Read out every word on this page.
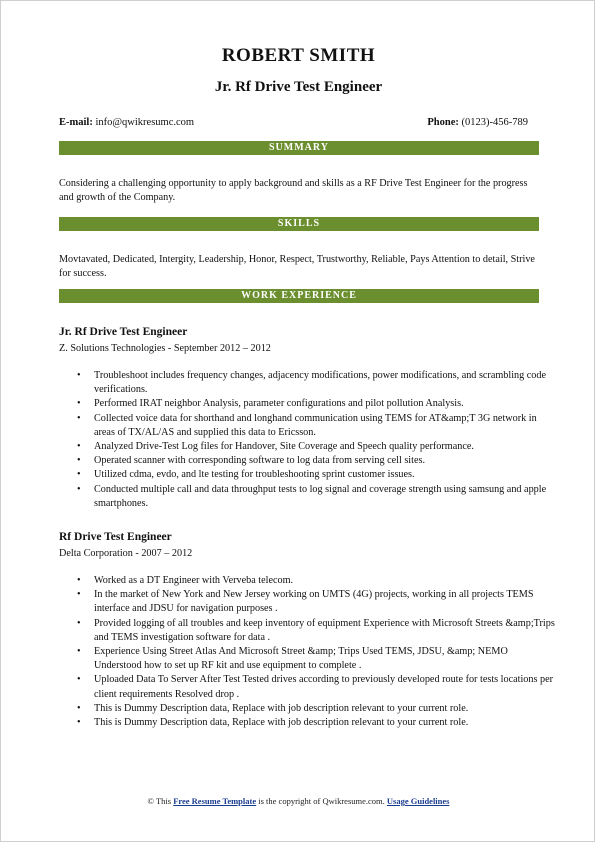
ROBERT SMITH
Jr. Rf Drive Test Engineer
E-mail: info@qwikresumc.com	Phone: (0123)-456-789
SUMMARY
Considering a challenging opportunity to apply background and skills as a RF Drive Test Engineer for the progress and growth of the Company.
SKILLS
Movtavated, Dedicated, Intergity, Leadership, Honor, Respect, Trustworthy, Reliable, Pays Attention to detail, Strive for success.
WORK EXPERIENCE
Jr. Rf Drive Test Engineer
Z. Solutions Technologies - September 2012 – 2012
• Troubleshoot includes frequency changes, adjacency modifications, power modifications, and scrambling code verifications.
• Performed IRAT neighbor Analysis, parameter configurations and pilot pollution Analysis.
• Collected voice data for shorthand and longhand communication using TEMS for AT&amp;T 3G network in areas of TX/AL/AS and supplied this data to Ericsson.
• Analyzed Drive-Test Log files for Handover, Site Coverage and Speech quality performance.
• Operated scanner with corresponding software to log data from serving cell sites.
• Utilized cdma, evdo, and lte testing for troubleshooting sprint customer issues.
• Conducted multiple call and data throughput tests to log signal and coverage strength using samsung and apple smartphones.
Rf Drive Test Engineer
Delta Corporation - 2007 – 2012
• Worked as a DT Engineer with Verveba telecom.
• In the market of New York and New Jersey working on UMTS (4G) projects, working in all projects TEMS interface and JDSU for navigation purposes .
• Provided logging of all troubles and keep inventory of equipment Experience with Microsoft Streets &amp;Trips and TEMS investigation software for data .
• Experience Using Street Atlas And Microsoft Street &amp; Trips Used TEMS, JDSU, &amp; NEMO Understood how to set up RF kit and use equipment to complete .
• Uploaded Data To Server After Test Tested drives according to previously developed route for tests locations per client requirements Resolved drop .
• This is Dummy Description data, Replace with job description relevant to your current role.
• This is Dummy Description data, Replace with job description relevant to your current role.
© This Free Resume Template is the copyright of Qwikresume.com. Usage Guidelines
